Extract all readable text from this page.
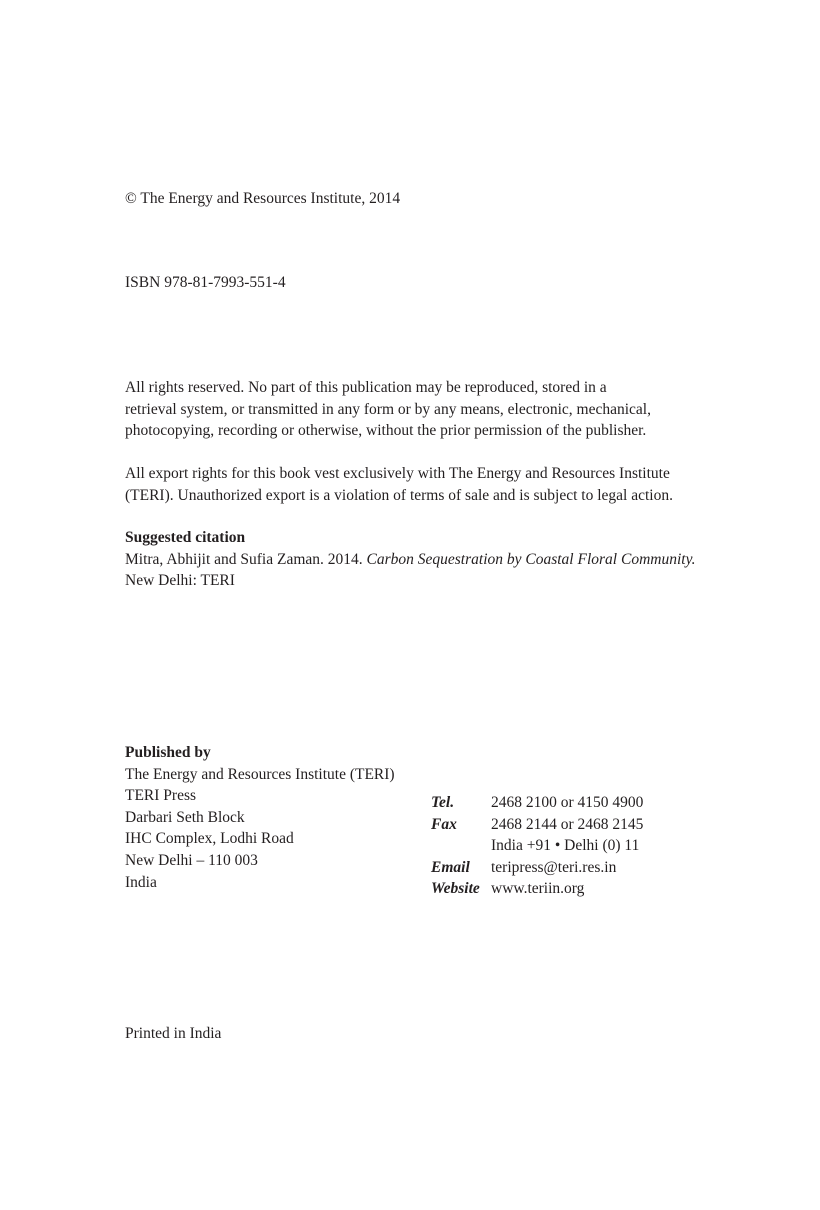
© The Energy and Resources Institute, 2014
ISBN 978-81-7993-551-4
All rights reserved. No part of this publication may be reproduced, stored in a
retrieval system, or transmitted in any form or by any means, electronic, mechanical,
photocopying, recording or otherwise, without the prior permission of the publisher.
All export rights for this book vest exclusively with The Energy and Resources Institute
(TERI). Unauthorized export is a violation of terms of sale and is subject to legal action.
Suggested citation
Mitra, Abhijit and Sufia Zaman. 2014. Carbon Sequestration by Coastal Floral Community.
New Delhi: TERI
Published by
The Energy and Resources Institute (TERI)
TERI Press
Darbari Seth Block
IHC Complex, Lodhi Road
New Delhi – 110 003
India
Tel.	2468 2100 or 4150 4900
Fax	2468 2144 or 2468 2145
India +91 • Delhi (0) 11
Email	teripress@teri.res.in
Website www.teriin.org
Printed in India
